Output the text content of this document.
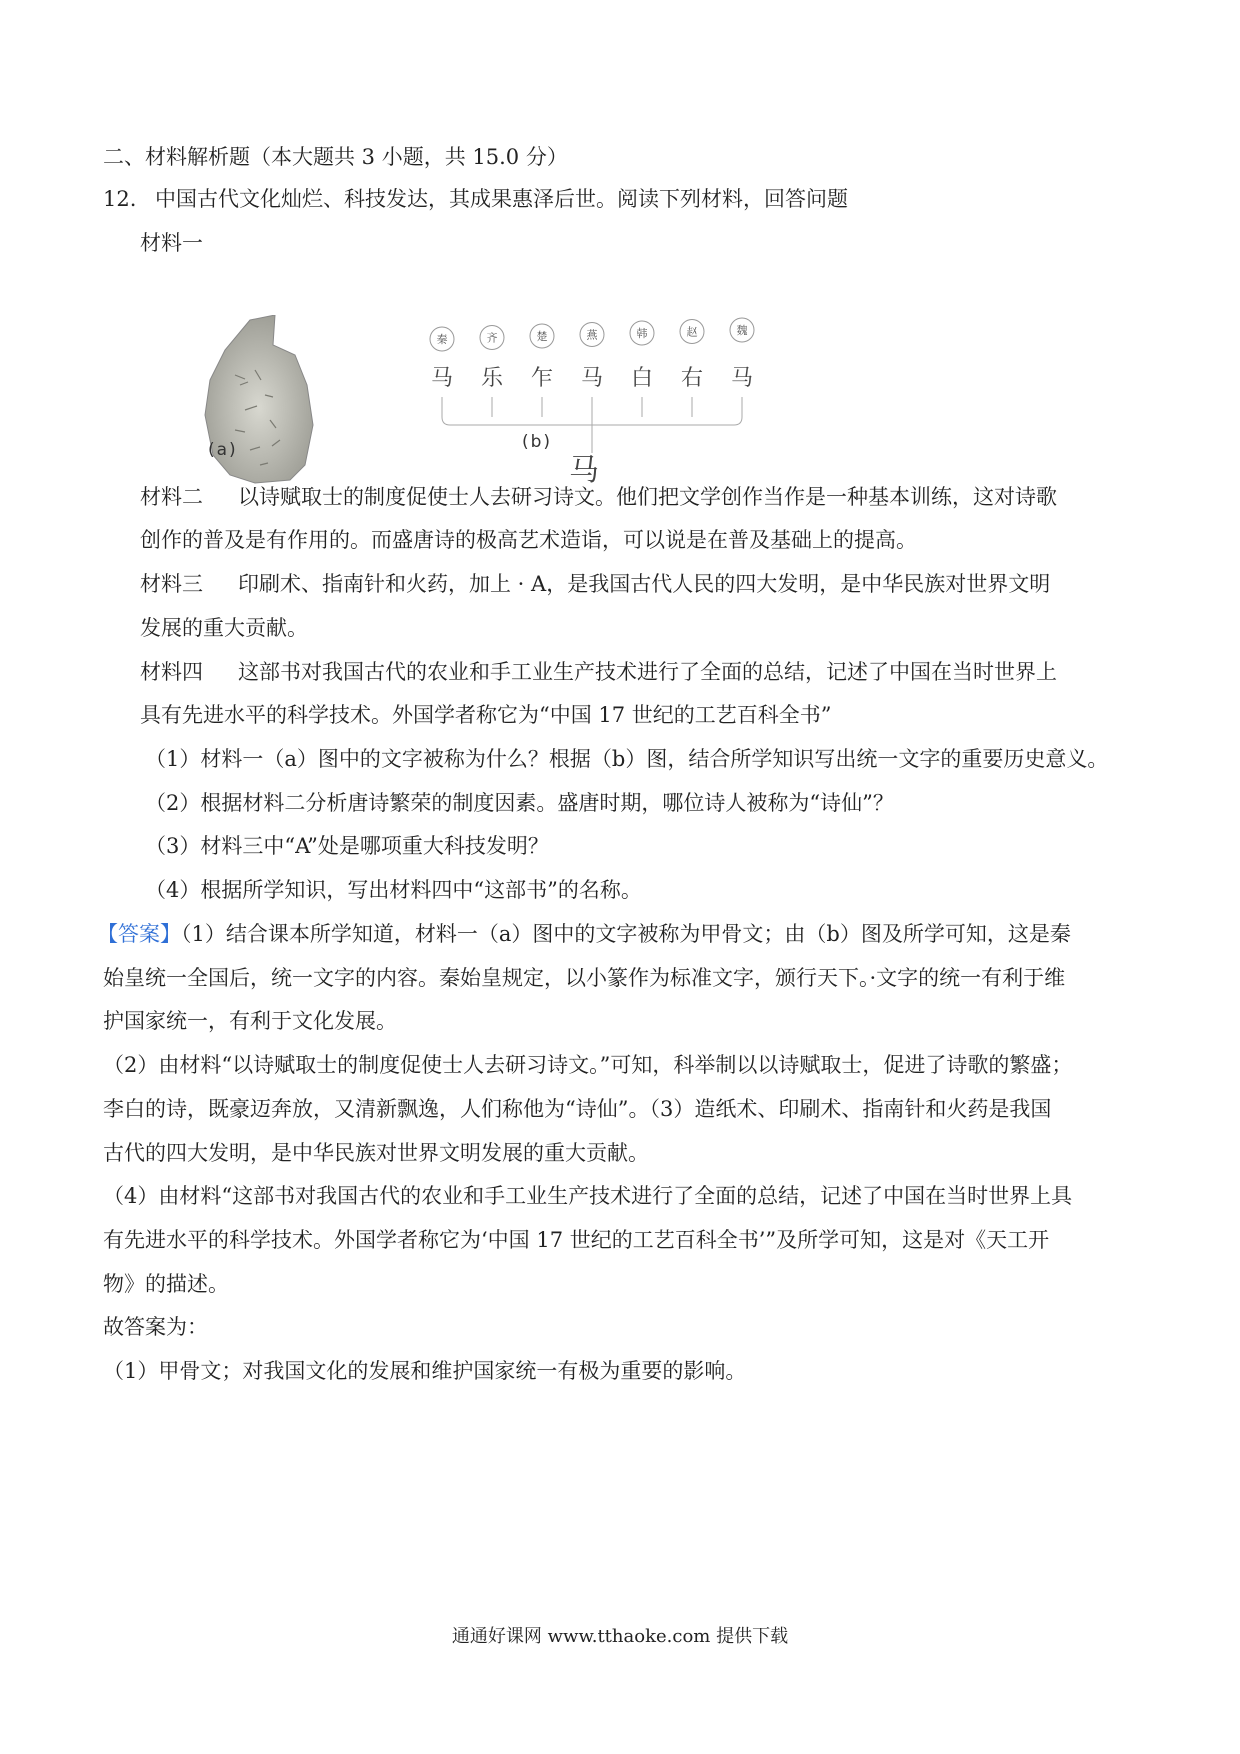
二、材料解析题（本大题共 3 小题，共 15.0 分）
12. 中国古代文化灿烂、科技发达，其成果惠泽后世。阅读下列材料，回答问题
材料一
(a)
秦
马
齐
乐
楚
乍
燕
马
韩
白
赵
右
魏
马
马
(b)
材料二 以诗赋取士的制度促使士人去研习诗文。他们把文学创作当作是一种基本训练，这对诗歌
创作的普及是有作用的。而盛唐诗的极高艺术造诣，可以说是在普及基础上的提高。
材料三 印刷术、指南针和火药，加上 · A，是我国古代人民的四大发明，是中华民族对世界文明
发展的重大贡献。
材料四 这部书对我国古代的农业和手工业生产技术进行了全面的总结，记述了中国在当时世界上
具有先进水平的科学技术。外国学者称它为“中国 17 世纪的工艺百科全书”
（1）材料一（a）图中的文字被称为什么？根据（b）图，结合所学知识写出统一文字的重要历史意义。
（2）根据材料二分析唐诗繁荣的制度因素。盛唐时期，哪位诗人被称为“诗仙”？
（3）材料三中“A”处是哪项重大科技发明？
（4）根据所学知识，写出材料四中“这部书”的名称。
【答案】（1）结合课本所学知道，材料一（a）图中的文字被称为甲骨文；由（b）图及所学可知，这是秦
始皇统一全国后，统一文字的内容。秦始皇规定，以小篆作为标准文字，颁行天下。·文字的统一有利于维
护国家统一，有利于文化发展。
（2）由材料“以诗赋取士的制度促使士人去研习诗文。”可知，科举制以以诗赋取士，促进了诗歌的繁盛；
李白的诗，既豪迈奔放，又清新飘逸，人们称他为“诗仙”。（3）造纸术、印刷术、指南针和火药是我国
古代的四大发明，是中华民族对世界文明发展的重大贡献。
（4）由材料“这部书对我国古代的农业和手工业生产技术进行了全面的总结，记述了中国在当时世界上具
有先进水平的科学技术。外国学者称它为‘中国 17 世纪的工艺百科全书’”及所学可知，这是对《天工开
物》的描述。
故答案为：
（1）甲骨文；对我国文化的发展和维护国家统一有极为重要的影响。
通通好课网 www.tthaoke.com 提供下载
